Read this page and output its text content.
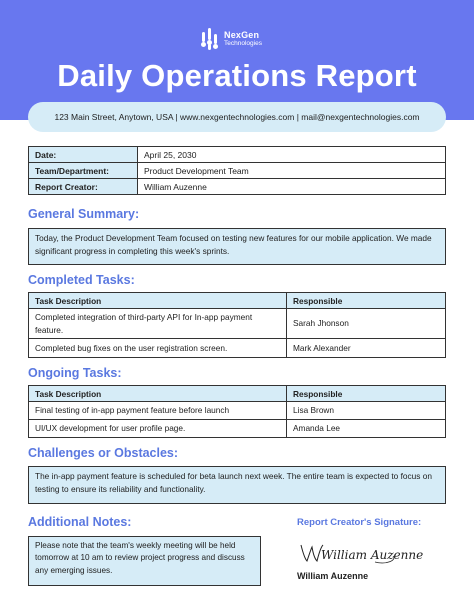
NexGen
Technologies
Daily Operations Report
123 Main Street, Anytown, USA | www.nexgentechnologies.com | mail@nexgentechnologies.com
Date:	April 25, 2030
Team/Department:	Product Development Team
Report Creator:	William Auzenne
General Summary:
Today, the Product Development Team focused on testing new features for our mobile application. We made significant progress in completing this week's sprints.
Completed Tasks:
Task Description	Responsible
Completed integration of third-party API for In-app payment feature.	Sarah Jhonson
Completed bug fixes on the user registration screen.	Mark Alexander
Ongoing Tasks:
Task Description	Responsible
Final testing of in-app payment feature before launch	Lisa Brown
UI/UX development for user profile page.	Amanda Lee
Challenges or Obstacles:
The in-app payment feature is scheduled for beta launch next week. The entire team is expected to focus on testing to ensure its reliability and functionality.
Additional Notes:
Please note that the team's weekly meeting will be held tomorrow at 10 am to review project progress and discuss any emerging issues.
Report Creator's Signature:
William Auzenne
William Auzenne
